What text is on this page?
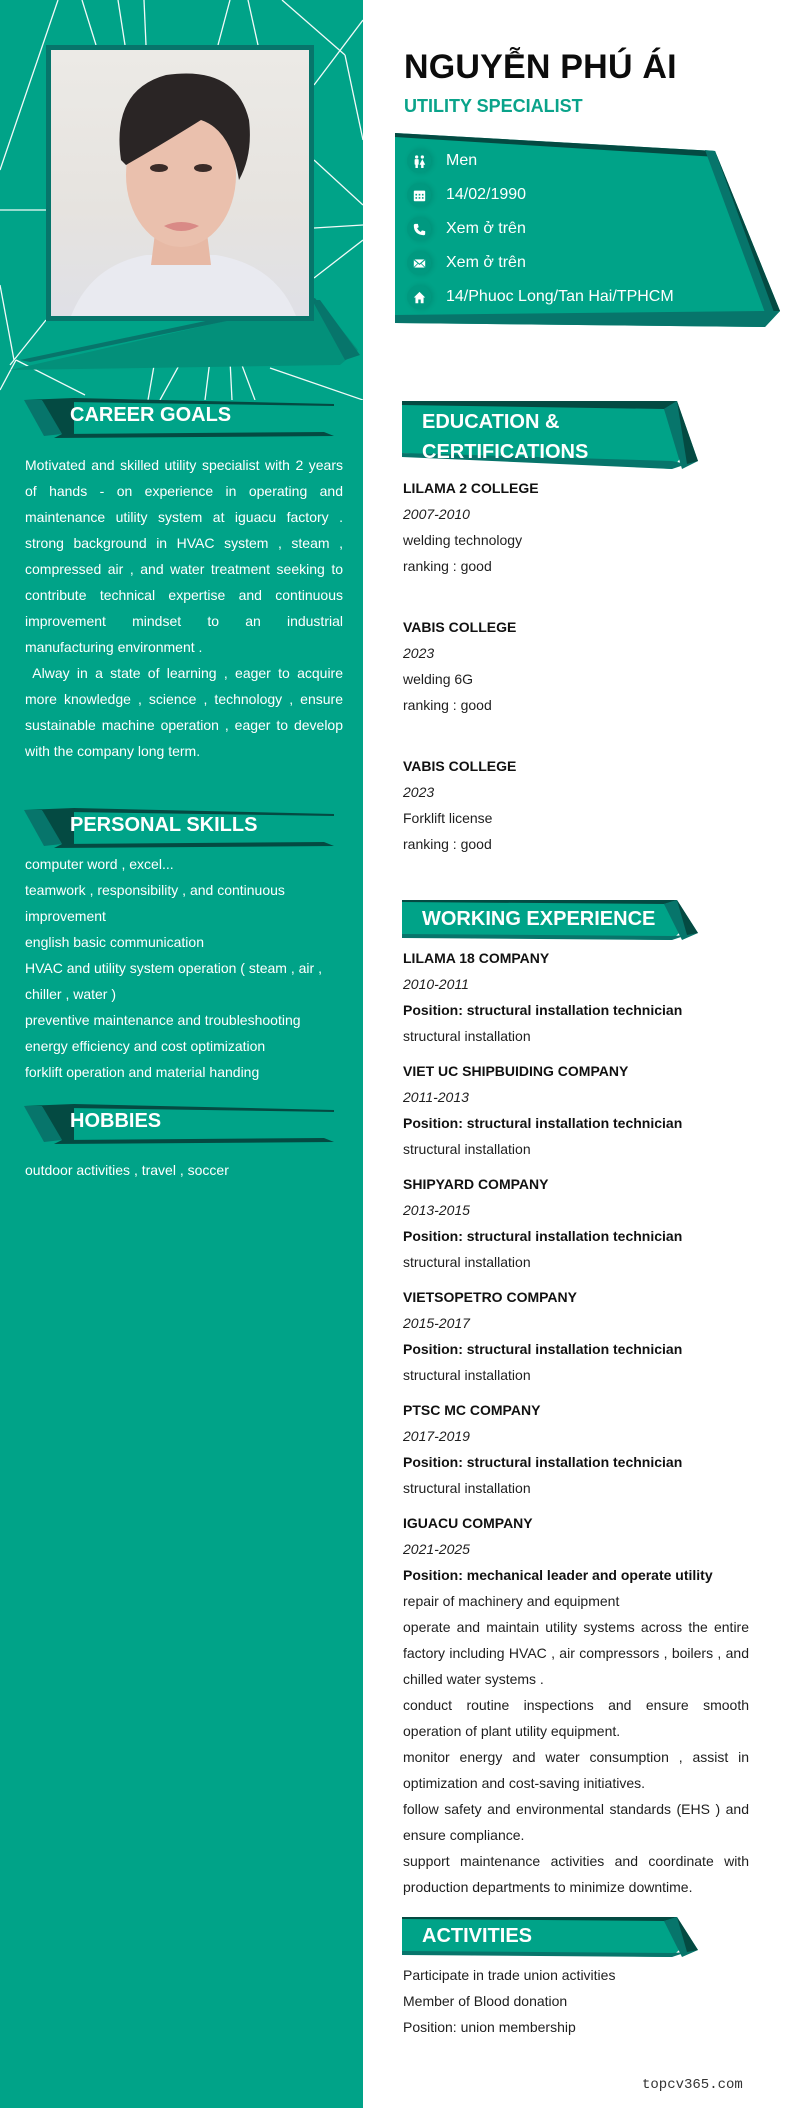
CAREER GOALS
Motivated and skilled utility specialist with 2 years of hands - on experience in operating and maintenance utility system at iguacu factory . strong background in HVAC system , steam , compressed air , and water treatment seeking to contribute technical expertise and continuous improvement mindset to an industrial manufacturing environment .
Alway in a state of learning , eager to acquire more knowledge , science , technology , ensure sustainable machine operation , eager to develop with the company long term.
PERSONAL SKILLS
computer word , excel...
teamwork , responsibility , and continuous improvement
english basic communication
HVAC and utility system operation ( steam , air , chiller , water )
preventive maintenance and troubleshooting
energy efficiency and cost optimization
forklift operation and material handing
HOBBIES
outdoor activities , travel , soccer
NGUYỄN PHÚ ÁI
UTILITY SPECIALIST
Men
14/02/1990
Xem ở trên
Xem ở trên
14/Phuoc Long/Tan Hai/TPHCM
EDUCATION & CERTIFICATIONS
LILAMA 2 COLLEGE
2007-2010
welding technology
ranking : good
VABIS COLLEGE
2023
welding 6G
ranking : good
VABIS COLLEGE
2023
Forklift license
ranking : good
WORKING EXPERIENCE
LILAMA 18 COMPANY
2010-2011
Position: structural installation technician
structural installation
VIET UC SHIPBUIDING COMPANY
2011-2013
Position: structural installation technician
structural installation
SHIPYARD COMPANY
2013-2015
Position: structural installation technician
structural installation
VIETSOPETRO COMPANY
2015-2017
Position: structural installation technician
structural installation
PTSC MC COMPANY
2017-2019
Position: structural installation technician
structural installation
IGUACU COMPANY
2021-2025
Position: mechanical leader and operate utility
repair of machinery and equipment
operate and maintain utility systems across the entire factory including HVAC , air compressors , boilers , and chilled water systems .
conduct routine inspections and ensure smooth operation of plant utility equipment.
monitor energy and water consumption , assist in optimization and cost-saving initiatives.
follow safety and environmental standards (EHS ) and ensure compliance.
support maintenance activities and coordinate with production departments to minimize downtime.
ACTIVITIES
Participate in trade union activities
Member of Blood donation
Position: union membership
topcv365.com
